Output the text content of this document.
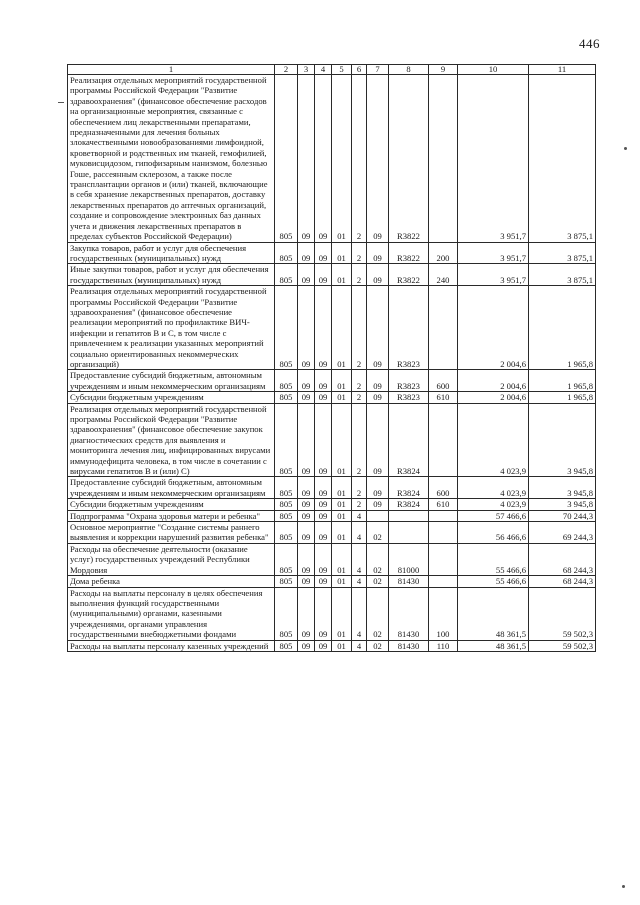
446
1	2	3	4	5	6	7	8	9	10	11
Реализация отдельных мероприятий государственной программы Российской Федерации "Развитие здравоохранения" (финансовое обеспечение расходов на организационные мероприятия, связанные с обеспечением лиц лекарственными препаратами, предназначенными для лечения больных злокачественными новообразованиями лимфоидной, кроветворной и родственных им тканей, гемофилией, муковисцидозом, гипофизарным нанизмом, болезнью Гоше, рассеянным склерозом, а также после трансплантации органов и (или) тканей, включающие в себя хранение лекарственных препаратов, доставку лекарственных препаратов до аптечных организаций, создание и сопровождение электронных баз данных учета и движения лекарственных препаратов в пределах субъектов Российской Федерации)	805	09	09	01	2	09	R3822		3 951,7	3 875,1
Закупка товаров, работ и услуг для обеспечения государственных (муниципальных) нужд	805	09	09	01	2	09	R3822	200	3 951,7	3 875,1
Иные закупки товаров, работ и услуг для обеспечения государственных (муниципальных) нужд	805	09	09	01	2	09	R3822	240	3 951,7	3 875,1
Реализация отдельных мероприятий государственной программы Российской Федерации "Развитие здравоохранения" (финансовое обеспечение реализации мероприятий по профилактике ВИЧ-инфекции и гепатитов В и С, в том числе с привлечением к реализации указанных мероприятий социально ориентированных некоммерческих организаций)	805	09	09	01	2	09	R3823		2 004,6	1 965,8
Предоставление субсидий бюджетным, автономным учреждениям и иным некоммерческим организациям	805	09	09	01	2	09	R3823	600	2 004,6	1 965,8
Субсидии бюджетным учреждениям	805	09	09	01	2	09	R3823	610	2 004,6	1 965,8
Реализация отдельных мероприятий государственной программы Российской Федерации "Развитие здравоохранения" (финансовое обеспечение закупок диагностических средств для выявления и мониторинга лечения лиц, инфицированных вирусами иммунодефицита человека, в том числе в сочетании с вирусами гепатитов В и (или) С)	805	09	09	01	2	09	R3824		4 023,9	3 945,8
Предоставление субсидий бюджетным, автономным учреждениям и иным некоммерческим организациям	805	09	09	01	2	09	R3824	600	4 023,9	3 945,8
Субсидии бюджетным учреждениям	805	09	09	01	2	09	R3824	610	4 023,9	3 945,8
Подпрограмма "Охрана здоровья матери и ребенка"	805	09	09	01	4				57 466,6	70 244,3
Основное мероприятие "Создание системы раннего выявления и коррекции нарушений развития ребенка"	805	09	09	01	4	02			56 466,6	69 244,3
Расходы на обеспечение деятельности (оказание услуг) государственных учреждений Республики Мордовия	805	09	09	01	4	02	81000		55 466,6	68 244,3
Дома ребенка	805	09	09	01	4	02	81430		55 466,6	68 244,3
Расходы на выплаты персоналу в целях обеспечения выполнения функций государственными (муниципальными) органами, казенными учреждениями, органами управления государственными внебюджетными фондами	805	09	09	01	4	02	81430	100	48 361,5	59 502,3
Расходы на выплаты персоналу казенных учреждений	805	09	09	01	4	02	81430	110	48 361,5	59 502,3
